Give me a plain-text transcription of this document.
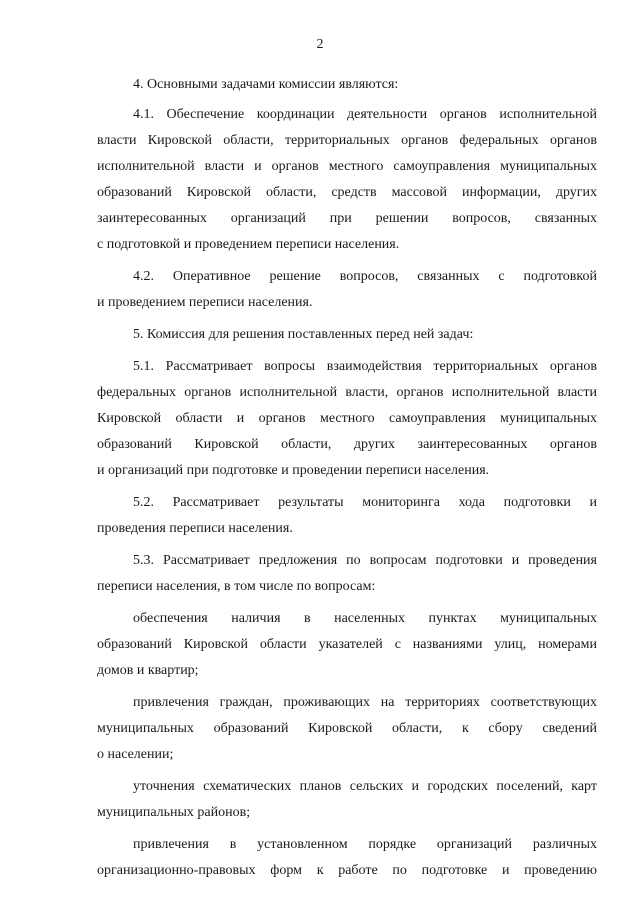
2

4. Основными задачами комиссии являются:

4.1. Обеспечение координации деятельности органов исполнительной
власти Кировской области, территориальных органов федеральных органов
исполнительной власти и органов местного самоуправления муниципальных
образований Кировской области, средств массовой информации, других
заинтересованных организаций при решении вопросов, связанных
с подготовкой и проведением переписи населения.
4.2. Оперативное решение вопросов, связанных с подготовкой
и проведением переписи населения.
5. Комиссия для решения поставленных перед ней задач:
5.1. Рассматривает вопросы взаимодействия территориальных органов
федеральных органов исполнительной власти, органов исполнительной власти
Кировской области и органов местного самоуправления муниципальных
образований Кировской области, других заинтересованных органов
и организаций при подготовке и проведении переписи населения.
5.2. Рассматривает результаты мониторинга хода подготовки и
проведения переписи населения.
5.3. Рассматривает предложения по вопросам подготовки и проведения
переписи населения, в том числе по вопросам:
обеспечения наличия в населенных пунктах муниципальных
образований Кировской области указателей с названиями улиц, номерами
домов и квартир;
привлечения граждан, проживающих на территориях соответствующих
муниципальных образований Кировской области, к сбору сведений
о населении;
уточнения схематических планов сельских и городских поселений, карт
муниципальных районов;
привлечения в установленном порядке организаций различных
организационно-правовых форм к работе по подготовке и проведению
